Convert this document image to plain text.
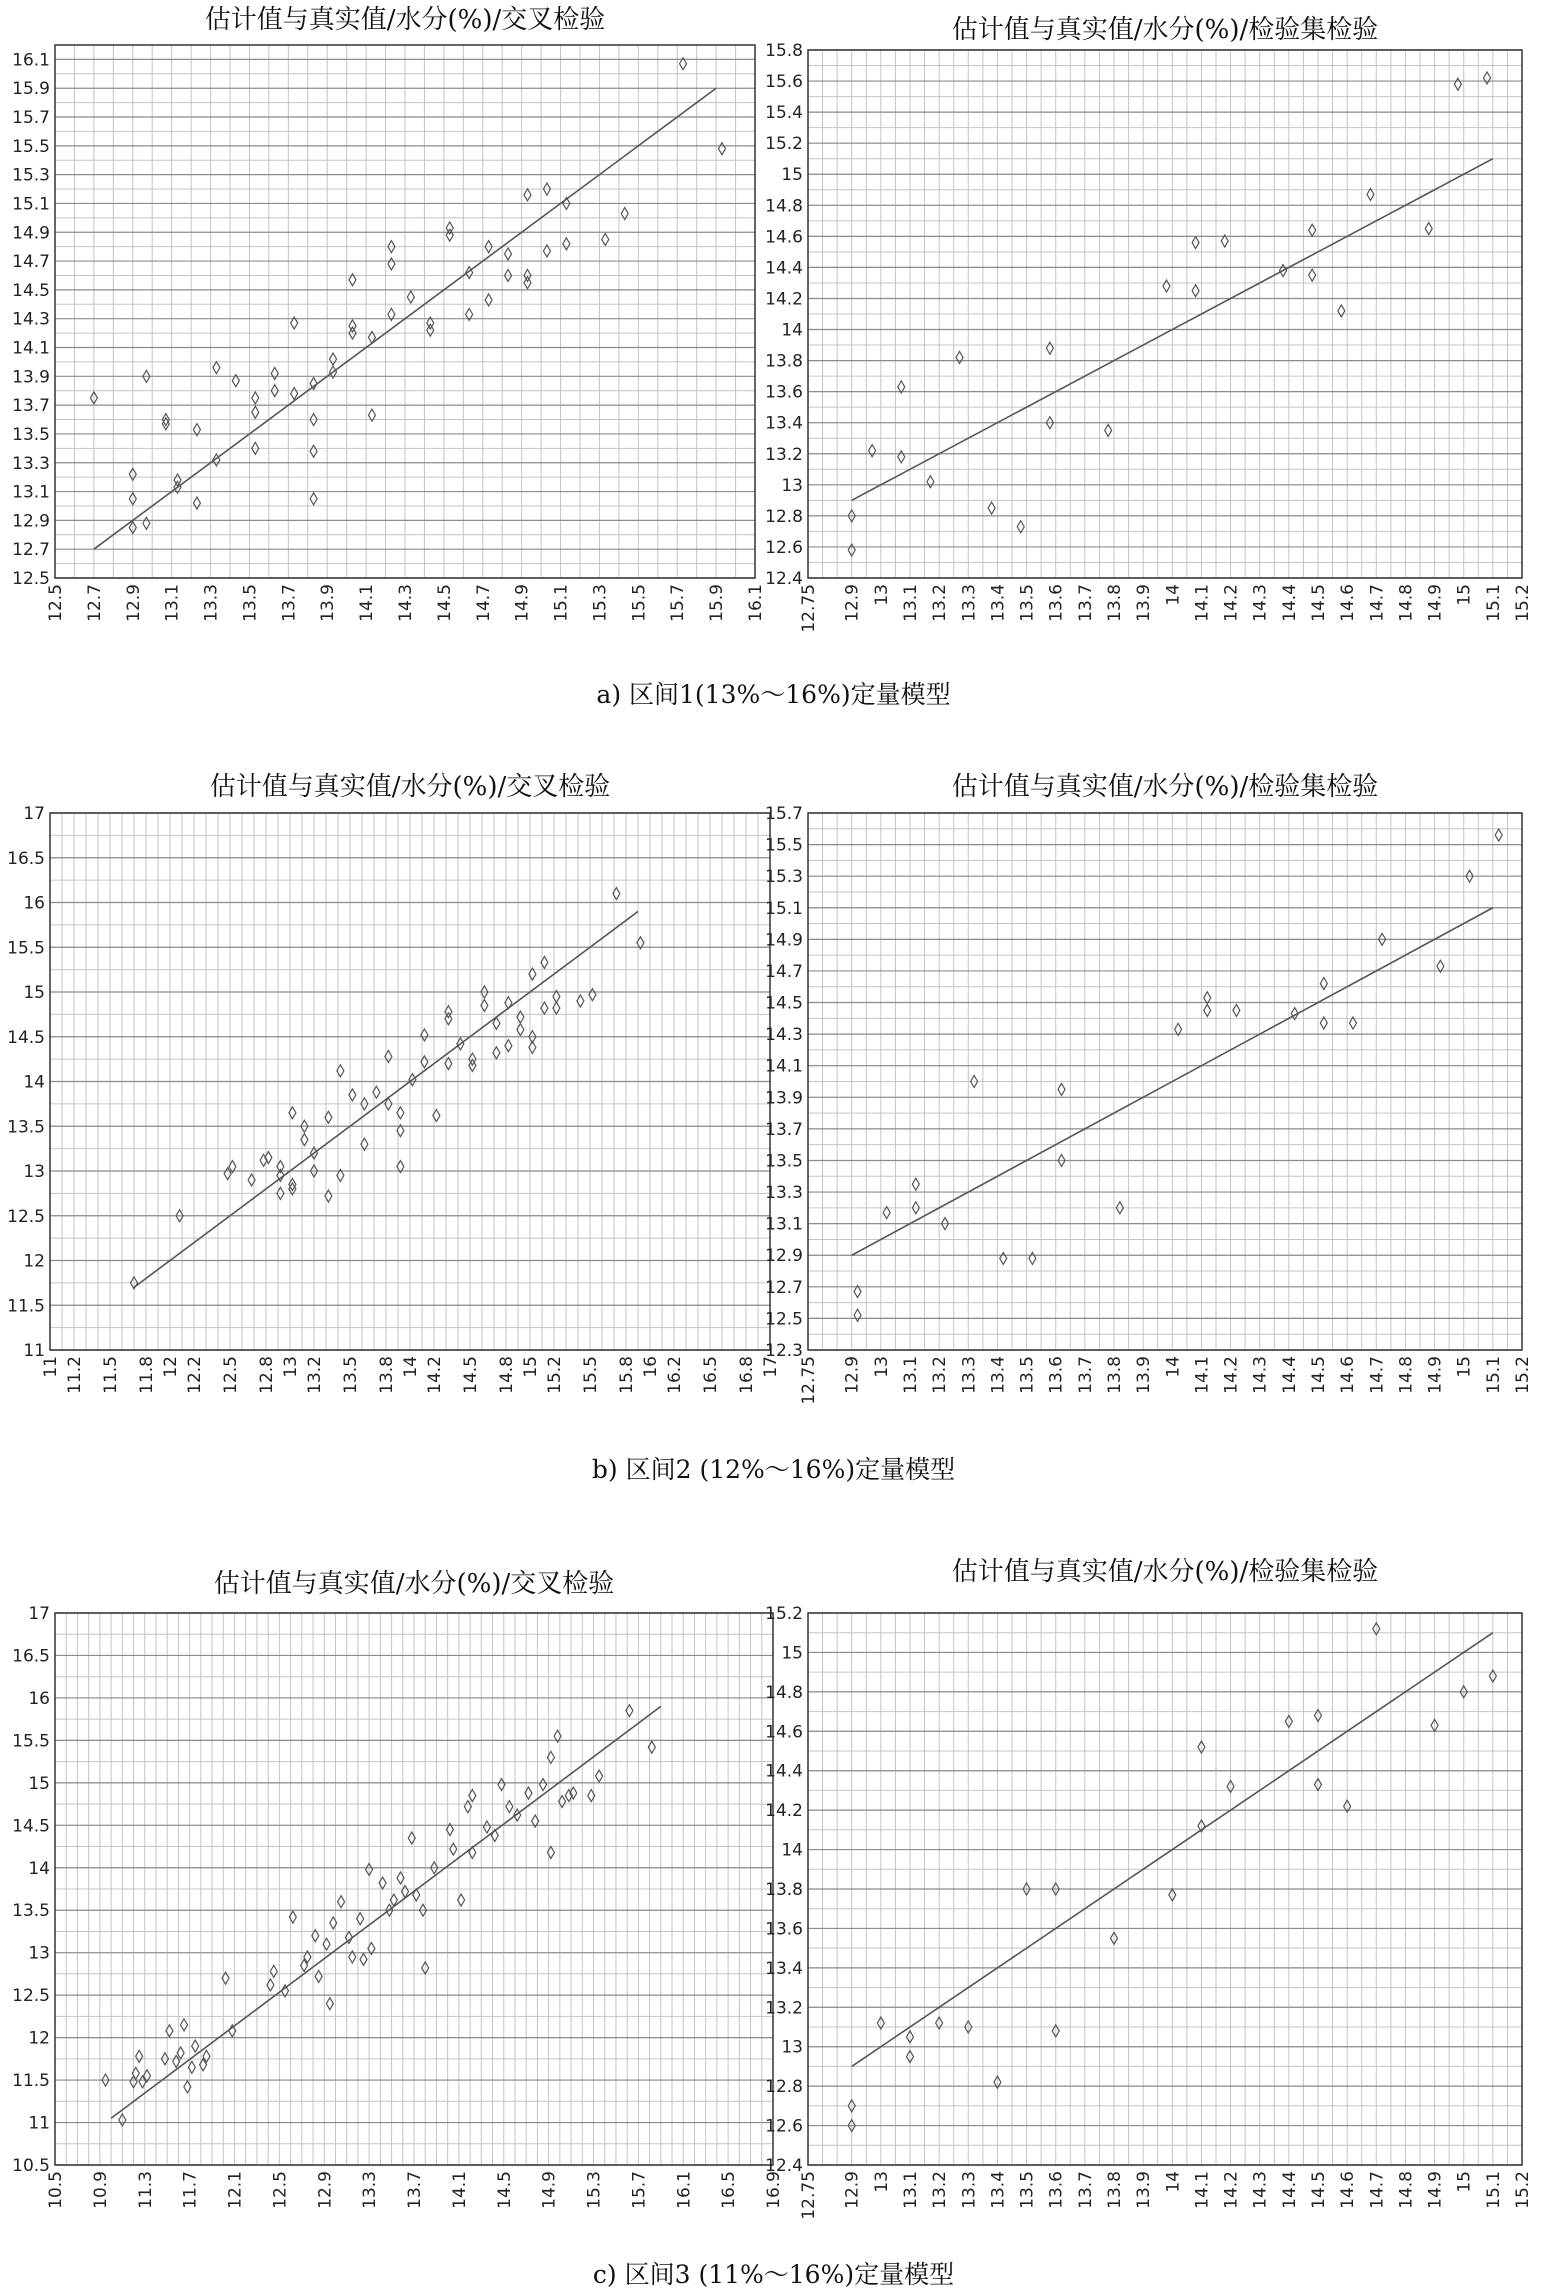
估计值与真实值/水分(%)/交叉检验
12.5
12.7
12.9
13.1
13.3
13.5
13.7
13.9
14.1
14.3
14.5
14.7
14.9
15.1
15.3
15.5
15.7
15.9
16.1
12.5 12.7 12.9 13.1 13.3 13.5 13.7 13.9 14.1 14.3 14.5 14.7 14.9 15.1 15.3 15.5 15.7 15.9 16.1
估计值与真实值/水分(%)/检验集检验
12.4
12.6
12.8
13
13.2
13.4
13.6
13.8
14
14.2
14.4
14.6
14.8
15
15.2
15.4
15.6
15.8
12.75 12.9 13 13.1 13.2 13.3 13.4 13.5 13.6 13.7 13.8 13.9 14 14.1 14.2 14.3 14.4 14.5 14.6 14.7 14.8 14.9 15 15.1 15.2
估计值与真实值/水分(%)/交叉检验
11
11.5
12
12.5
13
13.5
14
14.5
15
15.5
16
16.5
17
11 11.2 11.5 11.8 12 12.2 12.5 12.8 13 13.2 13.5 13.8 14 14.2 14.5 14.8 15 15.2 15.5 15.8 16 16.2 16.5 16.8 17
估计值与真实值/水分(%)/检验集检验
12.3
12.5
12.7
12.9
13.1
13.3
13.5
13.7
13.9
14.1
14.3
14.5
14.7
14.9
15.1
15.3
15.5
15.7
12.75 12.9 13 13.1 13.2 13.3 13.4 13.5 13.6 13.7 13.8 13.9 14 14.1 14.2 14.3 14.4 14.5 14.6 14.7 14.8 14.9 15 15.1 15.2
估计值与真实值/水分(%)/交叉检验
10.5
11
11.5
12
12.5
13
13.5
14
14.5
15
15.5
16
16.5
17
10.5 10.9 11.3 11.7 12.1 12.5 12.9 13.3 13.7 14.1 14.5 14.9 15.3 15.7 16.1 16.5 16.9
估计值与真实值/水分(%)/检验集检验
12.4
12.6
12.8
13
13.2
13.4
13.6
13.8
14
14.2
14.4
14.6
14.8
15
15.2
12.75 12.9 13 13.1 13.2 13.3 13.4 13.5 13.6 13.7 13.8 13.9 14 14.1 14.2 14.3 14.4 14.5 14.6 14.7 14.8 14.9 15 15.1 15.2
a) 区间1(13%～16%)定量模型
b) 区间2 (12%～16%)定量模型
c) 区间3 (11%～16%)定量模型
